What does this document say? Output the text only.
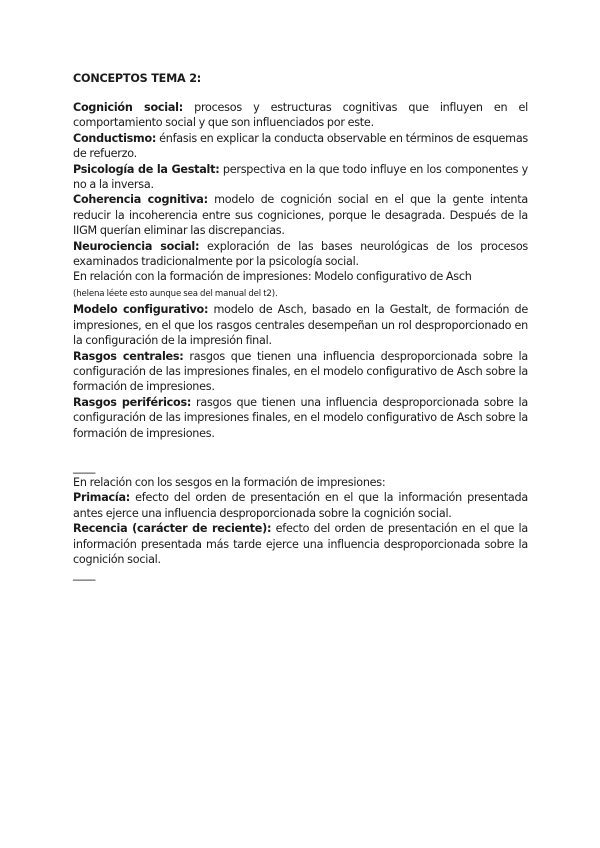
CONCEPTOS TEMA 2:

Cognición social: procesos y estructuras cognitivas que influyen en el comportamiento social y que son influenciados por este.

Conductismo: énfasis en explicar la conducta observable en términos de esquemas de refuerzo.

Psicología de la Gestalt: perspectiva en la que todo influye en los componentes y no a la inversa.

Coherencia cognitiva: modelo de cognición social en el que la gente intenta reducir la incoherencia entre sus cogniciones, porque le desagrada. Después de la IIGM querían eliminar las discrepancias.

Neurociencia social: exploración de las bases neurológicas de los procesos examinados tradicionalmente por la psicología social.

En relación con la formación de impresiones: Modelo configurativo de Asch
(helena léete esto aunque sea del manual del t2).

Modelo configurativo: modelo de Asch, basado en la Gestalt, de formación de impresiones, en el que los rasgos centrales desempeñan un rol desproporcionado en la configuración de la impresión final.

Rasgos centrales: rasgos que tienen una influencia desproporcionada sobre la configuración de las impresiones finales, en el modelo configurativo de Asch sobre la formación de impresiones.

Rasgos periféricos: rasgos que tienen una influencia desproporcionada sobre la configuración de las impresiones finales, en el modelo configurativo de Asch sobre la formación de impresiones.

____

En relación con los sesgos en la formación de impresiones:

Primacía: efecto del orden de presentación en el que la información presentada antes ejerce una influencia desproporcionada sobre la cognición social.

Recencia (carácter de reciente): efecto del orden de presentación en el que la información presentada más tarde ejerce una influencia desproporcionada sobre la cognición social.

____
